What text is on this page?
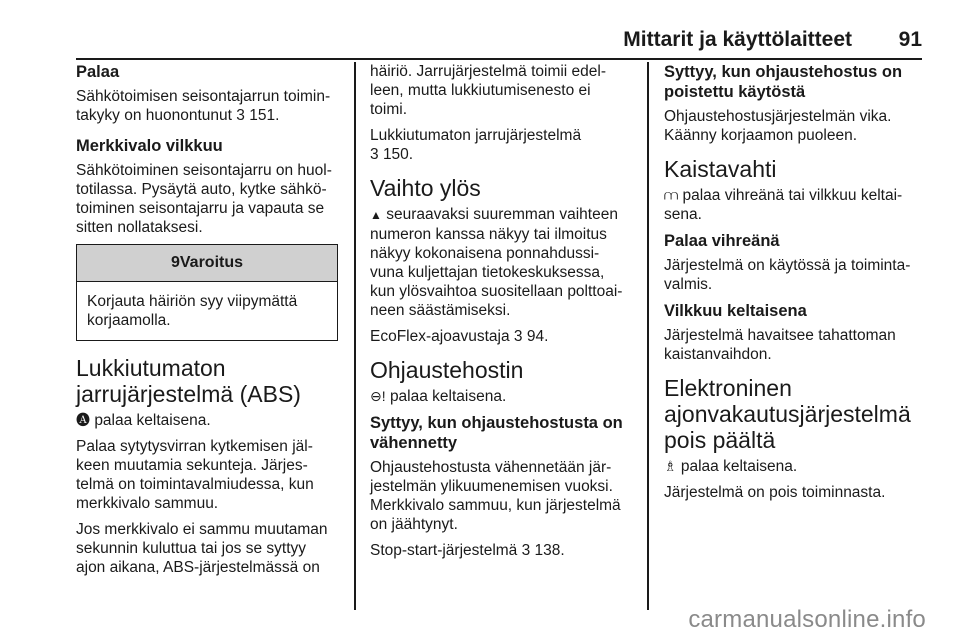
Mittarit ja käyttölaitteet 91
Palaa

Sähkötoimisen seisontajarrun toimin-
takyky on huonontunut 3 151.

Merkkivalo vilkkuu

Sähkötoiminen seisontajarru on huol-
totilassa. Pysäytä auto, kytke sähkö-
toiminen seisontajarru ja vapauta se
sitten nollataksesi.

9Varoitus
Korjauta häiriön syy viipymättä
korjaamolla.
Lukkiutumaton
jarrujärjestelmä (ABS)

🅐 palaa keltaisena.

Palaa sytytysvirran kytkemisen jäl-
keen muutamia sekunteja. Järjes-
telmä on toimintavalmiudessa, kun
merkkivalo sammuu.

Jos merkkivalo ei sammu muutaman
sekunnin kuluttua tai jos se syttyy
ajon aikana, ABS-järjestelmässä on

häiriö. Jarrujärjestelmä toimii edel-
leen, mutta lukkiutumisenesto ei
toimi.

Lukkiutumaton jarrujärjestelmä
3 150.

Vaihto ylös

▲ seuraavaksi suuremman vaihteen
numeron kanssa näkyy tai ilmoitus
näkyy kokonaisena ponnahdussi-
vuna kuljettajan tietokeskuksessa,
kun ylösvaihtoa suositellaan polttoai-
neen säästämiseksi.

EcoFlex-ajoavustaja 3 94.

Ohjaustehostin

⊖! palaa keltaisena.

Syttyy, kun ohjaustehostusta on
vähennetty

Ohjaustehostusta vähennetään jär-
jestelmän ylikuumenemisen vuoksi.
Merkkivalo sammuu, kun järjestelmä
on jäähtynyt.

Stop-start-järjestelmä 3 138.

Syttyy, kun ohjaustehostus on
poistettu käytöstä

Ohjaustehostusjärjestelmän vika.
Käänny korjaamon puoleen.

Kaistavahti

⩋ palaa vihreänä tai vilkkuu keltai-
sena.

Palaa vihreänä

Järjestelmä on käytössä ja toiminta-
valmis.

Vilkkuu keltaisena

Järjestelmä havaitsee tahattoman
kaistanvaihdon.

Elektroninen
ajonvakautusjärjestelmä
pois päältä

♗ palaa keltaisena.

Järjestelmä on pois toiminnasta.

carmanualsonline.info
